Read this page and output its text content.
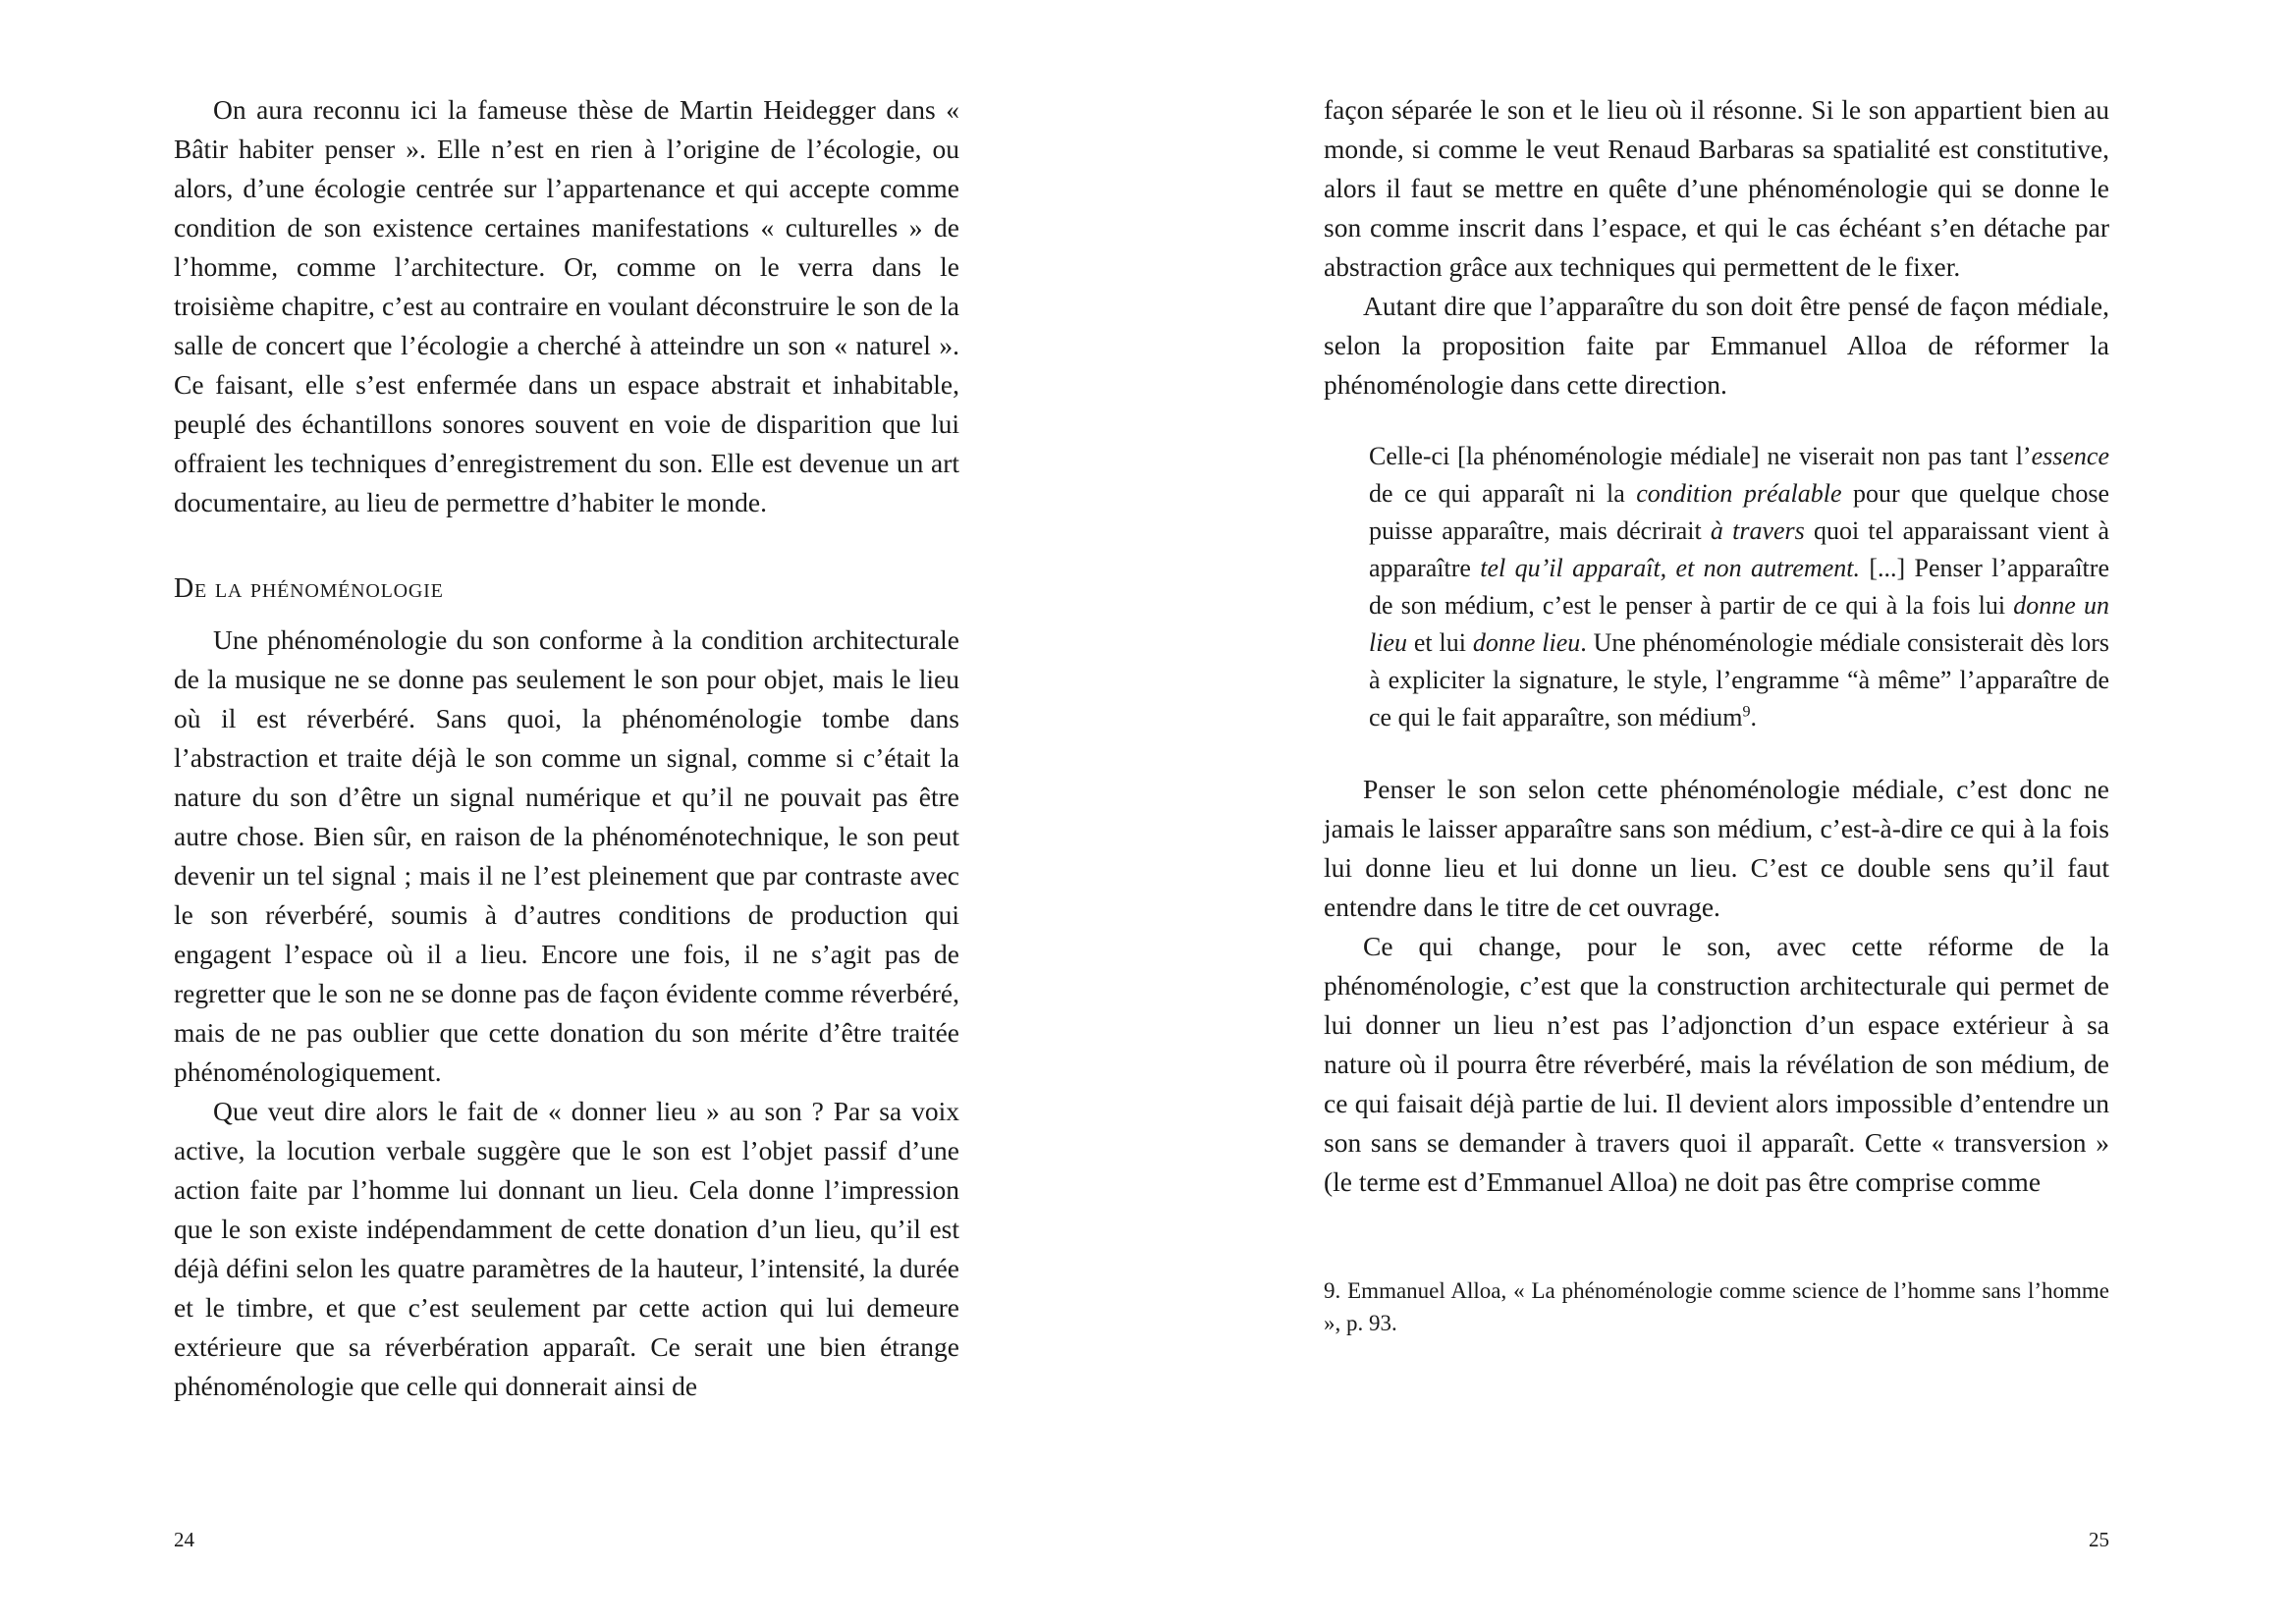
On aura reconnu ici la fameuse thèse de Martin Heidegger dans « Bâtir habiter penser ». Elle n’est en rien à l’origine de l’écologie, ou alors, d’une écologie centrée sur l’appartenance et qui accepte comme condition de son existence certaines manifestations « culturelles » de l’homme, comme l’architecture. Or, comme on le verra dans le troisième chapitre, c’est au contraire en voulant déconstruire le son de la salle de concert que l’écologie a cherché à atteindre un son « naturel ». Ce faisant, elle s’est enfermée dans un espace abstrait et inhabitable, peuplé des échantillons sonores souvent en voie de disparition que lui offraient les techniques d’enregistrement du son. Elle est devenue un art documentaire, au lieu de permettre d’habiter le monde.

De la phénoménologie

Une phénoménologie du son conforme à la condition architecturale de la musique ne se donne pas seulement le son pour objet, mais le lieu où il est réverbéré. Sans quoi, la phénoménologie tombe dans l’abstraction et traite déjà le son comme un signal, comme si c’était la nature du son d’être un signal numérique et qu’il ne pouvait pas être autre chose. Bien sûr, en raison de la phénoménotechnique, le son peut devenir un tel signal ; mais il ne l’est pleinement que par contraste avec le son réverbéré, soumis à d’autres conditions de production qui engagent l’espace où il a lieu. Encore une fois, il ne s’agit pas de regretter que le son ne se donne pas de façon évidente comme réverbéré, mais de ne pas oublier que cette donation du son mérite d’être traitée phénoménologiquement.

Que veut dire alors le fait de « donner lieu » au son ? Par sa voix active, la locution verbale suggère que le son est l’objet passif d’une action faite par l’homme lui donnant un lieu. Cela donne l’impression que le son existe indépendamment de cette donation d’un lieu, qu’il est déjà défini selon les quatre paramètres de la hauteur, l’intensité, la durée et le timbre, et que c’est seulement par cette action qui lui demeure extérieure que sa réverbération apparaît. Ce serait une bien étrange phénoménologie que celle qui donnerait ainsi de

24

façon séparée le son et le lieu où il résonne. Si le son appartient bien au monde, si comme le veut Renaud Barbaras sa spatialité est constitutive, alors il faut se mettre en quête d’une phénoménologie qui se donne le son comme inscrit dans l’espace, et qui le cas échéant s’en détache par abstraction grâce aux techniques qui permettent de le fixer.

Autant dire que l’apparaître du son doit être pensé de façon médiale, selon la proposition faite par Emmanuel Alloa de réformer la phénoménologie dans cette direction.

Celle-ci [la phénoménologie médiale] ne viserait non pas tant l’essence de ce qui apparaît ni la condition préalable pour que quelque chose puisse apparaître, mais décrirait à travers quoi tel apparaissant vient à apparaître tel qu’il apparaît, et non autrement. [...] Penser l’apparaître de son médium, c’est le penser à partir de ce qui à la fois lui donne un lieu et lui donne lieu. Une phénoménologie médiale consisterait dès lors à expliciter la signature, le style, l’engramme “à même” l’apparaître de ce qui le fait apparaître, son médium$^9$.

Penser le son selon cette phénoménologie médiale, c’est donc ne jamais le laisser apparaître sans son médium, c’est-à-dire ce qui à la fois lui donne lieu et lui donne un lieu. C’est ce double sens qu’il faut entendre dans le titre de cet ouvrage.

Ce qui change, pour le son, avec cette réforme de la phénoménologie, c’est que la construction architecturale qui permet de lui donner un lieu n’est pas l’adjonction d’un espace extérieur à sa nature où il pourra être réverbéré, mais la révélation de son médium, de ce qui faisait déjà partie de lui. Il devient alors impossible d’entendre un son sans se demander à travers quoi il apparaît. Cette « transversion » (le terme est d’Emmanuel Alloa) ne doit pas être comprise comme

9. Emmanuel Alloa, « La phénoménologie comme science de l’homme sans l’homme », p. 93.
25
